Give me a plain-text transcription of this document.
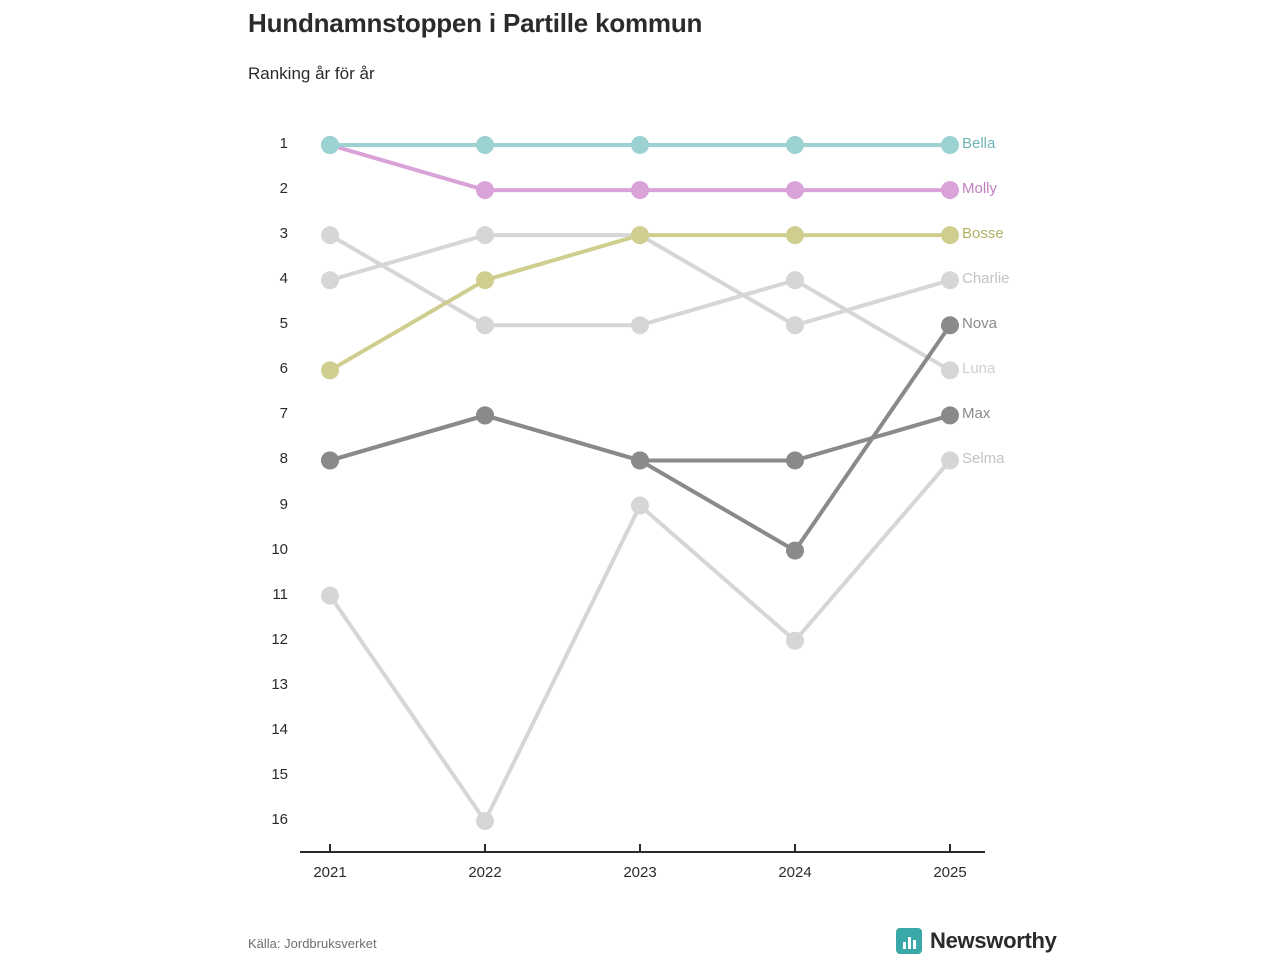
Hundnamnstoppen i Partille kommun
Ranking år för år
1
2
3
4
5
6
7
8
9
10
11
12
13
14
15
16
2021	2022	2023	2024	2025
Bella
Molly
Bosse
Charlie
Nova
Luna
Max
Selma
Källa: Jordbruksverket	Newsworthy
